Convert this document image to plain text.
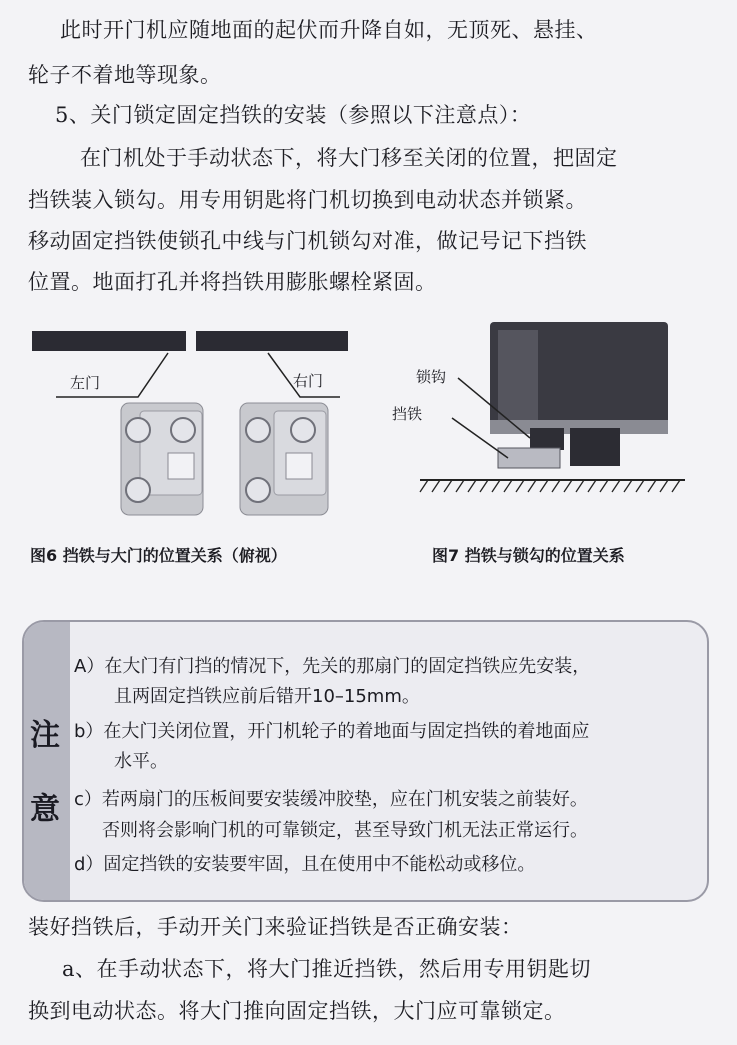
此时开门机应随地面的起伏而升降自如，无顶死、悬挂、
轮子不着地等现象。
5、关门锁定固定挡铁的安装（参照以下注意点）：
在门机处于手动状态下，将大门移至关闭的位置，把固定
挡铁装入锁勾。用专用钥匙将门机切换到电动状态并锁紧。
移动固定挡铁使锁孔中线与门机锁勾对准，做记号记下挡铁
位置。地面打孔并将挡铁用膨胀螺栓紧固。
左门	右门	锁钩
挡铁
图6 挡铁与大门的位置关系（俯视）	图7 挡铁与锁勾的位置关系
注
意
A）在大门有门挡的情况下，先关的那扇门的固定挡铁应先安装，
且两固定挡铁应前后错开10–15mm。
b）在大门关闭位置，开门机轮子的着地面与固定挡铁的着地面应
水平。
c）若两扇门的压板间要安装缓冲胶垫，应在门机安装之前装好。
否则将会影响门机的可靠锁定，甚至导致门机无法正常运行。
d）固定挡铁的安装要牢固，且在使用中不能松动或移位。
装好挡铁后，手动开关门来验证挡铁是否正确安装：
a、在手动状态下，将大门推近挡铁，然后用专用钥匙切
换到电动状态。将大门推向固定挡铁，大门应可靠锁定。
